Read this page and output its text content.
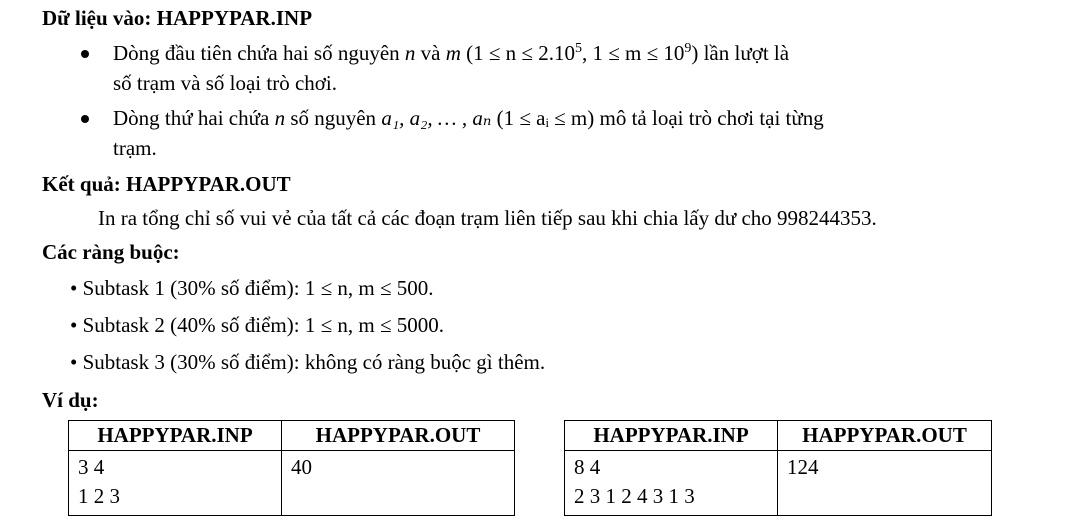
Dữ liệu vào: HAPPYPAR.INP
Dòng đầu tiên chứa hai số nguyên n và m ($1 \le n \le 2.10^5$, $1 \le m \le 10^9$) lần lượt là
số trạm và số loại trò chơi.
Dòng thứ hai chứa n số nguyên a₁, a₂, … , aₙ (1 ≤ aᵢ ≤ m) mô tả loại trò chơi tại từng
trạm.
Kết quả: HAPPYPAR.OUT
In ra tổng chỉ số vui vẻ của tất cả các đoạn trạm liên tiếp sau khi chia lấy dư cho 998244353.
Các ràng buộc:
• Subtask 1 (30% số điểm): 1 ≤ n, m ≤ 500.
• Subtask 2 (40% số điểm): 1 ≤ n, m ≤ 5000.
• Subtask 3 (30% số điểm): không có ràng buộc gì thêm.
Ví dụ:
HAPPYPAR.INP	HAPPYPAR.OUT

3 4
1 2 3	40
HAPPYPAR.INP	HAPPYPAR.OUT

8 4
2 3 1 2 4 3 1 3	124
